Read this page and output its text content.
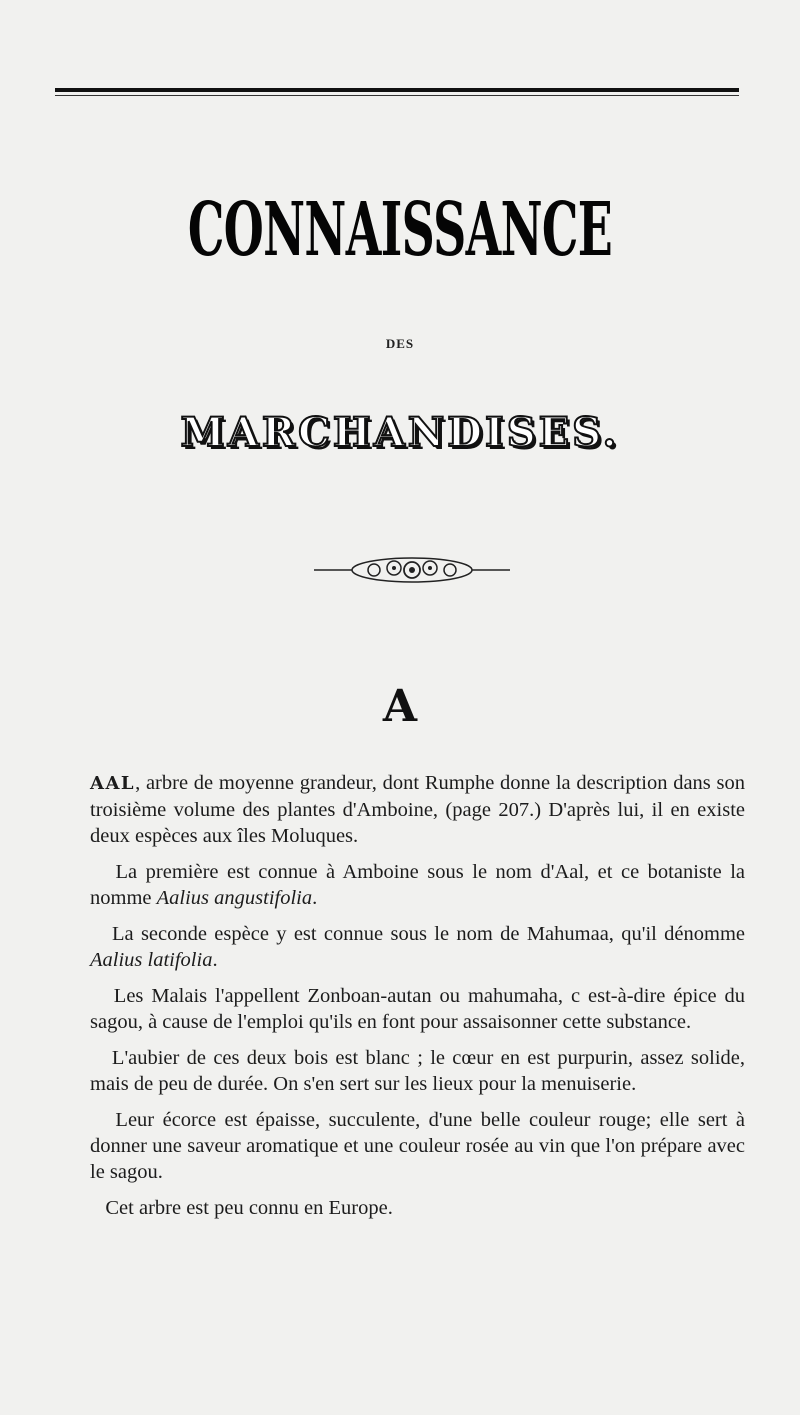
CONNAISSANCE
DES
MARCHANDISES.
A

AAL, arbre de moyenne grandeur, dont Rumphe donne la description dans son troisième volume des plantes d'Amboine, (page 207.) D'après lui, il en existe deux espèces aux îles Moluques.

La première est connue à Amboine sous le nom d'Aal, et ce botaniste la nomme Aalius angustifolia.

La seconde espèce y est connue sous le nom de Mahumaa, qu'il dénomme Aalius latifolia.

Les Malais l'appellent Zonboan-autan ou mahumaha, c est-à-dire épice du sagou, à cause de l'emploi qu'ils en font pour assaisonner cette substance.

L'aubier de ces deux bois est blanc ; le cœur en est purpurin, assez solide, mais de peu de durée. On s'en sert sur les lieux pour la menuiserie.

Leur écorce est épaisse, succulente, d'une belle couleur rouge; elle sert à donner une saveur aromatique et une couleur rosée au vin que l'on prépare avec le sagou.

Cet arbre est peu connu en Europe.
